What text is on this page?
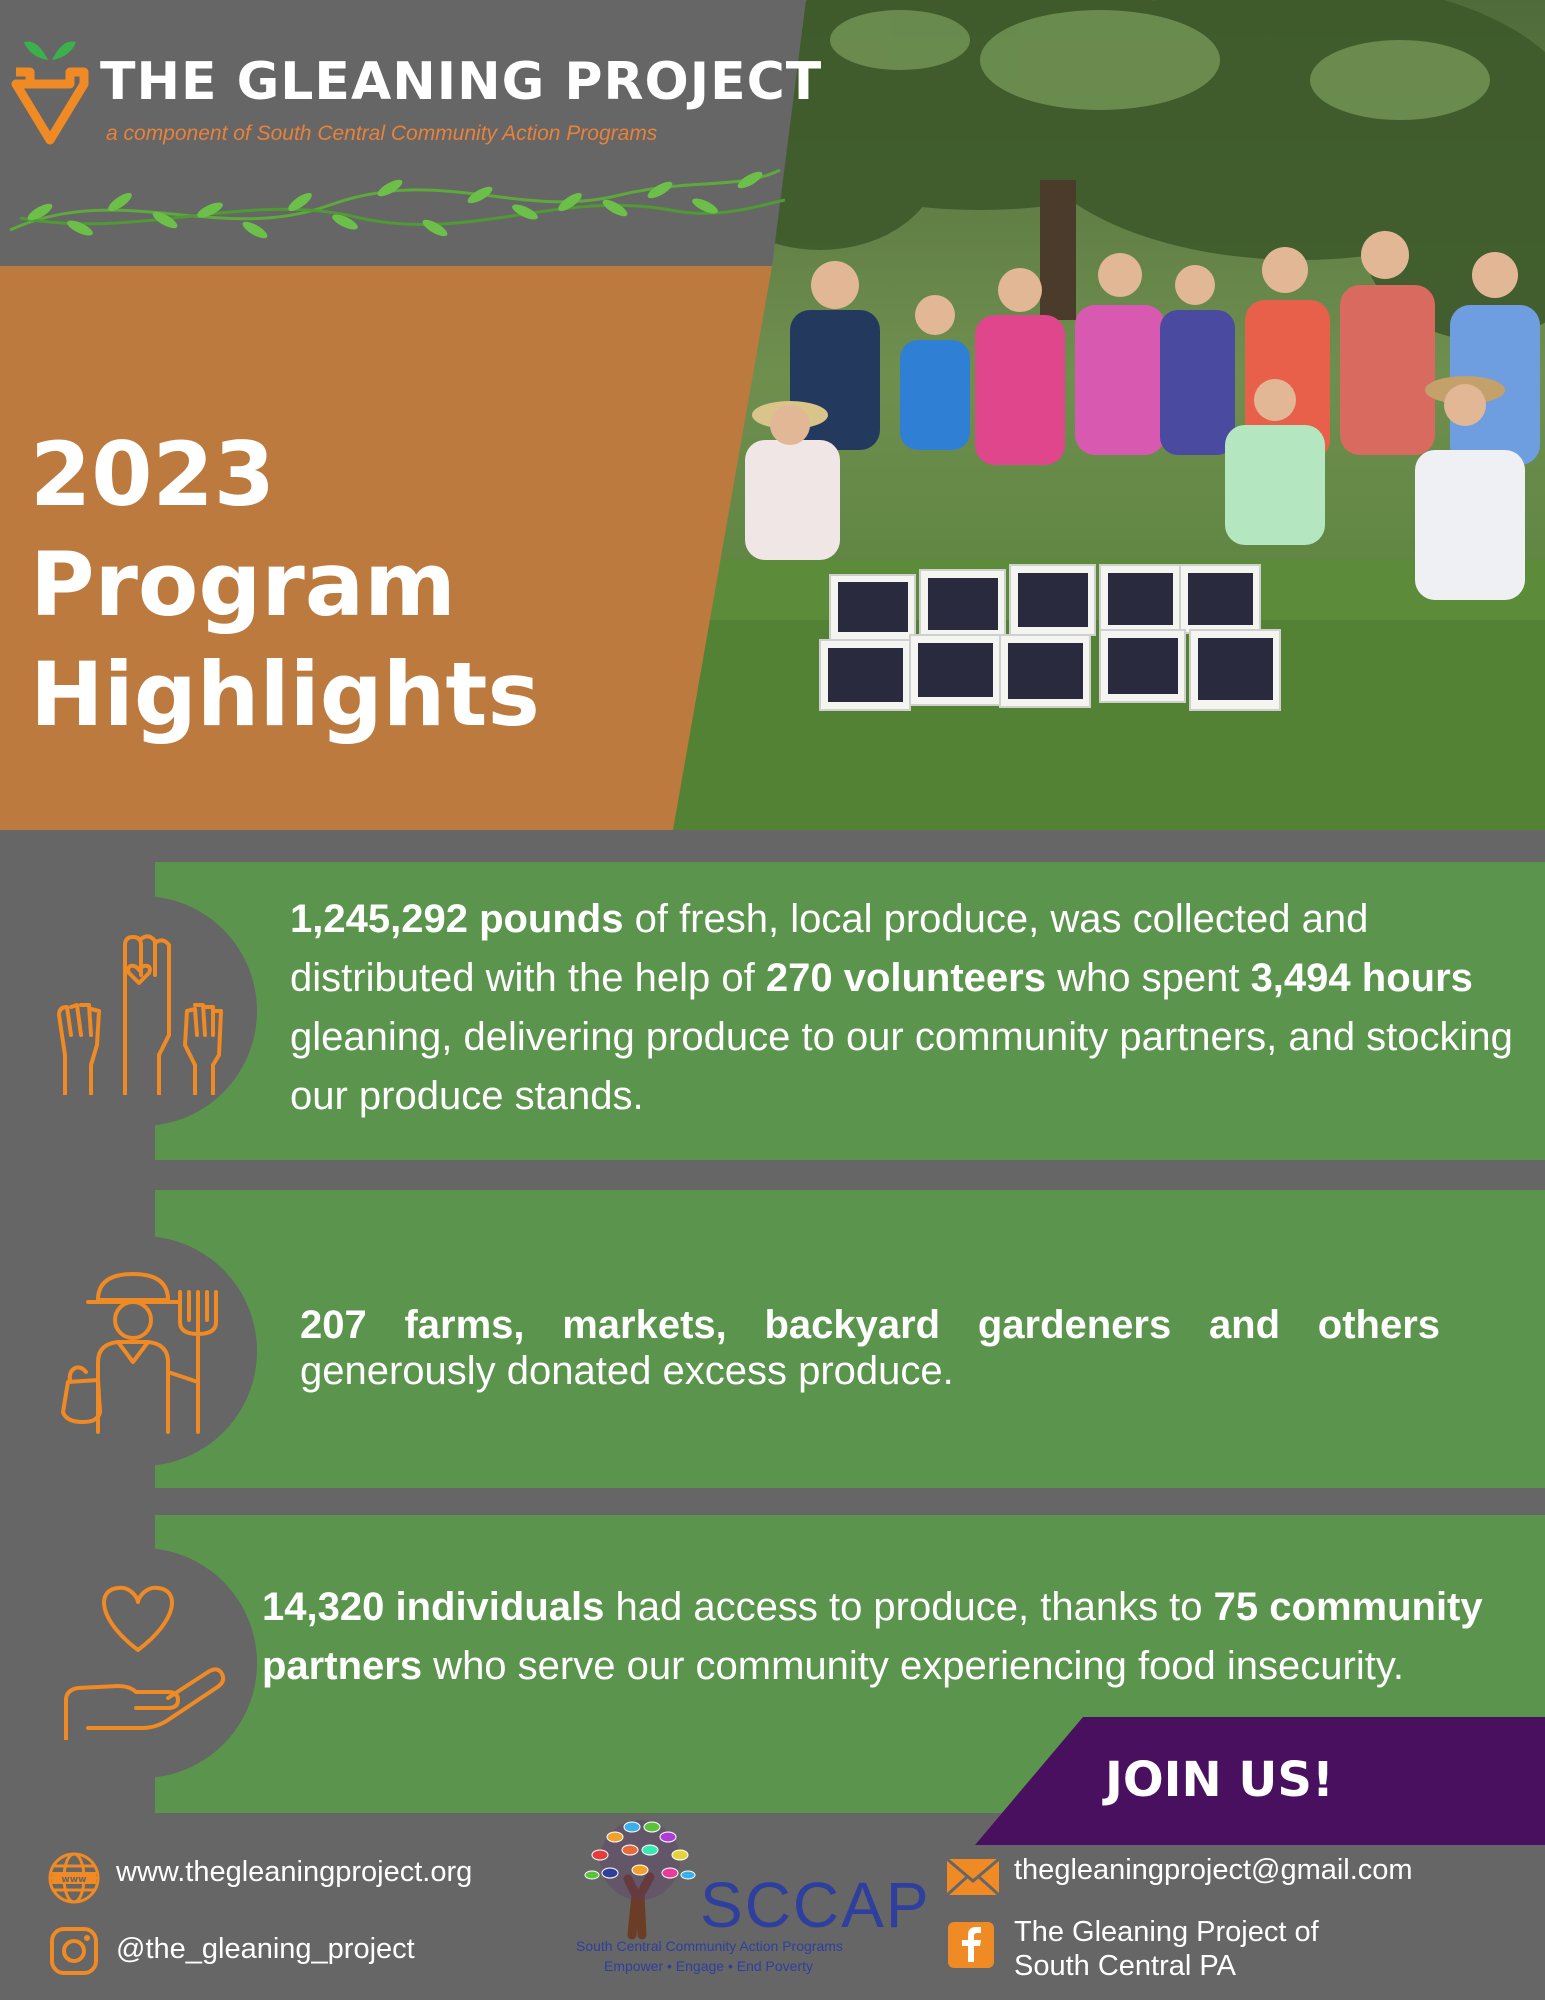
THE GLEANING PROJECT
a component of South Central Community Action Programs
2023 Program
Highlights
1,245,292 pounds of fresh, local produce, was collected and distributed with the help of 270 volunteers who spent 3,494 hours gleaning, delivering produce to our community partners, and stocking our produce stands.
207 farms, markets, backyard gardeners and others generously donated excess produce.
14,320 individuals had access to produce, thanks to 75 community partners who serve our community experiencing food insecurity.
JOIN US!
www www.thegleaningproject.org
@the_gleaning_project
SCCAP
South Central Community Action Programs
Empower • Engage • End Poverty
thegleaningproject@gmail.com
The Gleaning Project of
South Central PA
